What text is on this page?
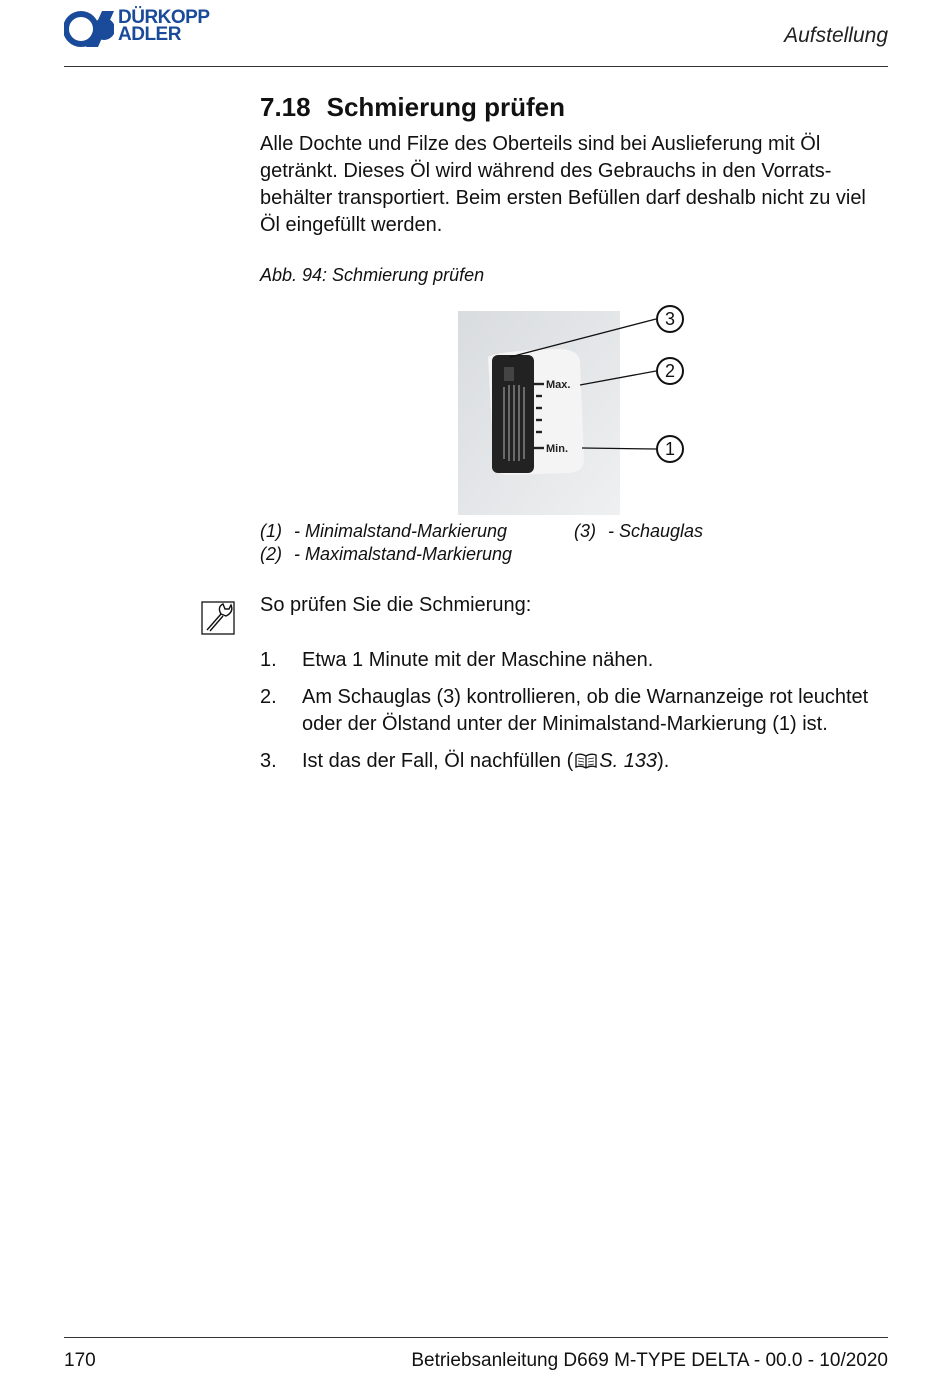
DÜRKOPP
ADLER	Aufstellung
7.18 Schmierung prüfen

Alle Dochte und Filze des Oberteils sind bei Auslieferung mit Öl getränkt. Dieses Öl wird während des Gebrauchs in den Vorratsbehälter transportiert. Beim ersten Befüllen darf deshalb nicht zu viel Öl eingefüllt werden.

Abb. 94: Schmierung prüfen
Max.
Min.
3
2
1
(1) - Minimalstand-Markierung
(2) - Maximalstand-Markierung
(3) - Schauglas
So prüfen Sie die Schmierung:
1. Etwa 1 Minute mit der Maschine nähen.
2. Am Schauglas (3) kontrollieren, ob die Warnanzeige rot leuchtet oder der Ölstand unter der Minimalstand-Markierung (1) ist.
3. Ist das der Fall, Öl nachfüllen ( S. 133).
170	Betriebsanleitung D669 M-TYPE DELTA - 00.0 - 10/2020
